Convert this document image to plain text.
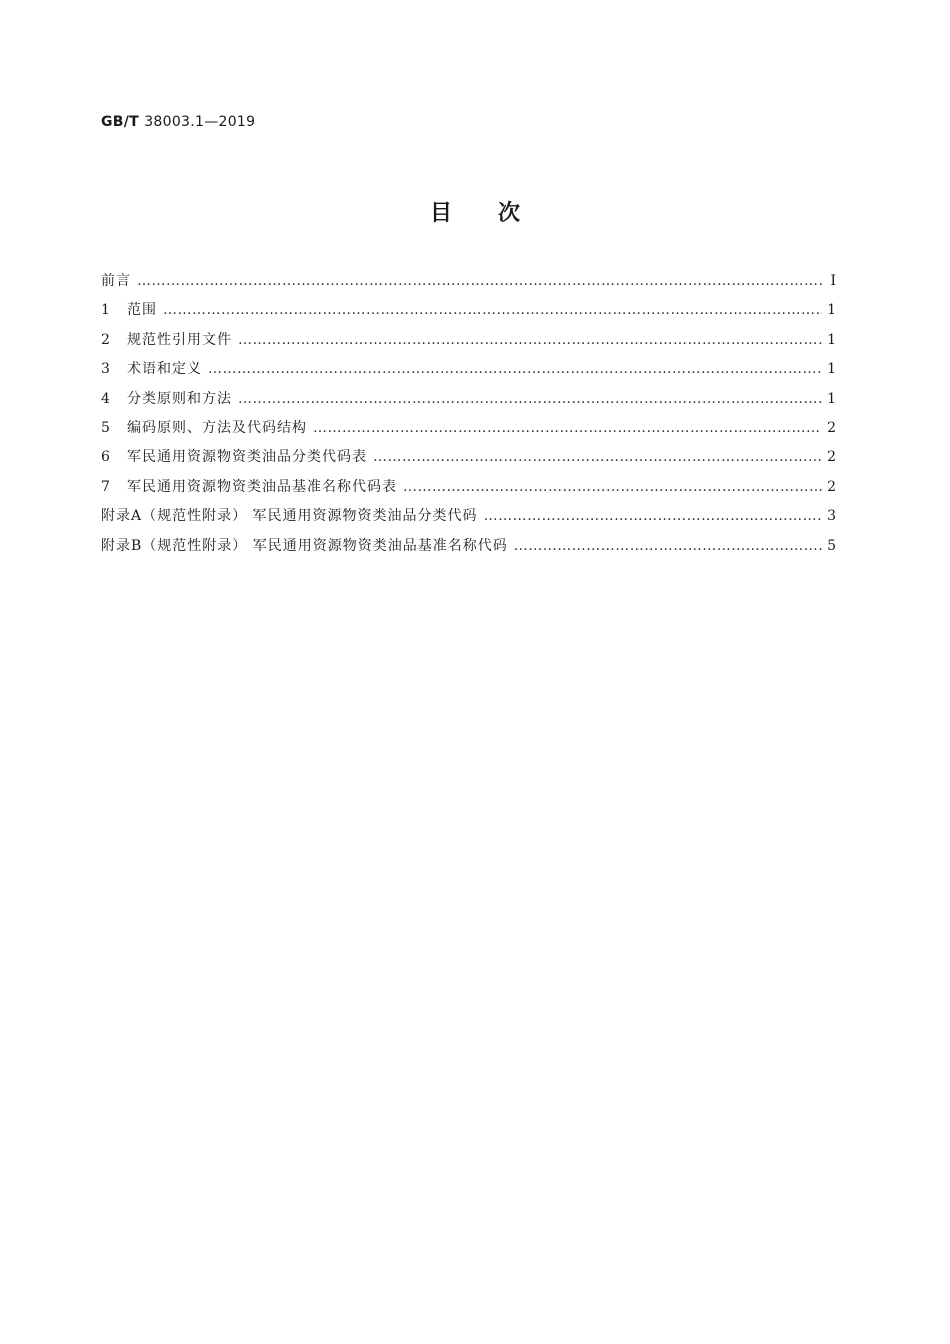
GB/T 38003.1—2019
目次
前言 ………………………………………………………………………………………………………………………………………………………………………………………………………………	Ⅰ
1 范围 ………………………………………………………………………………………………………………………………………………………………………………………………………………	1
2 规范性引用文件 ………………………………………………………………………………………………………………………………………………………………………………………………………………	1
3 术语和定义 ………………………………………………………………………………………………………………………………………………………………………………………………………………	1
4 分类原则和方法 ………………………………………………………………………………………………………………………………………………………………………………………………………………	1
5 编码原则、方法及代码结构 ………………………………………………………………………………………………………………………………………………………………………………………………………………	2
6 军民通用资源物资类油品分类代码表 ………………………………………………………………………………………………………………………………………………………………………………………………………………	2
7 军民通用资源物资类油品基准名称代码表 ………………………………………………………………………………………………………………………………………………………………………………………………………………	2
附录A（规范性附录） 军民通用资源物资类油品分类代码 ………………………………………………………………………………………………………………………………………………………………………………………………………………	3
附录B（规范性附录） 军民通用资源物资类油品基准名称代码 ………………………………………………………………………………………………………………………………………………………………………………………………………………	5
